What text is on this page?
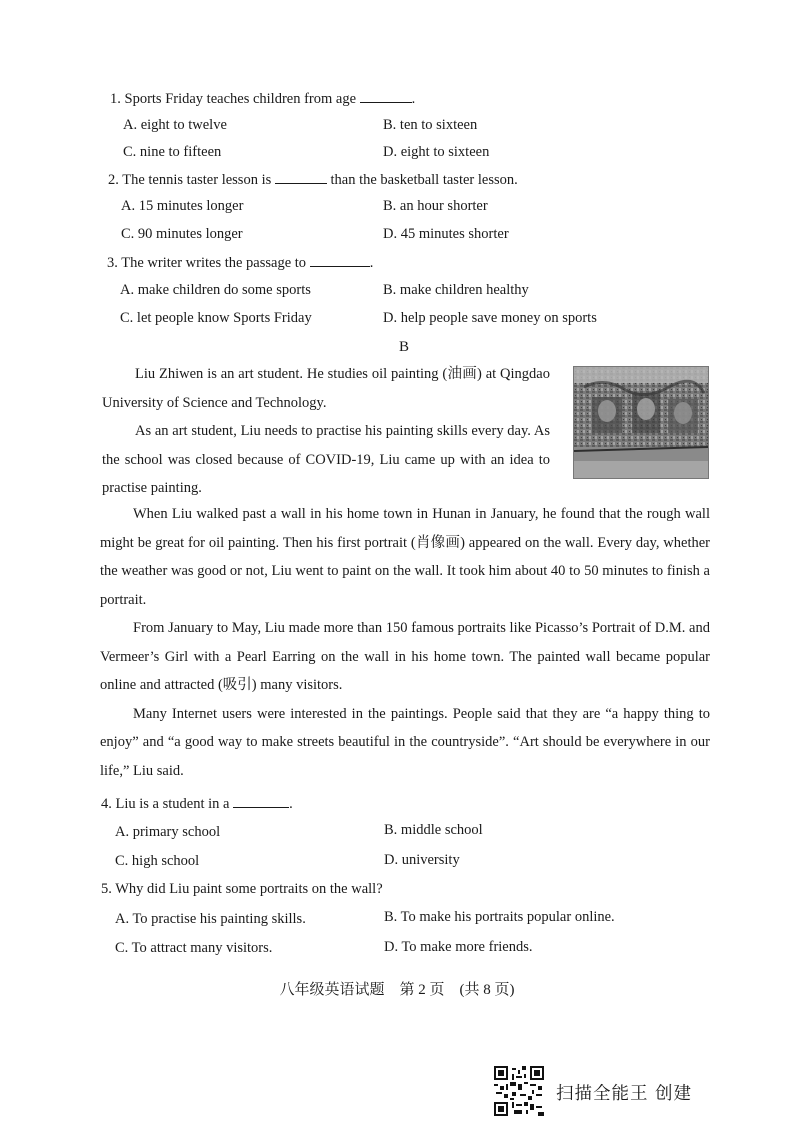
1. Sports Friday teaches children from age	.
A. eight to twelve	B. ten to sixteen
C. nine to fifteen	D. eight to sixteen
2. The tennis taster lesson is	than the basketball taster lesson.
A. 15 minutes longer	B. an hour shorter
C. 90 minutes longer	D. 45 minutes shorter
3. The writer writes the passage to	.
A. make children do some sports	B. make children healthy
C. let people know Sports Friday	D. help people save money on sports
B

Liu Zhiwen is an art student. He studies oil painting (油画) at Qingdao University of Science and Technology.

As an art student, Liu needs to practise his painting skills every day. As the school was closed because of COVID-19, Liu came up with an idea to practise painting.

When Liu walked past a wall in his home town in Hunan in January, he found that the rough wall might be great for oil painting. Then his first portrait (肖像画) appeared on the wall. Every day, whether the weather was good or not, Liu went to paint on the wall. It took him about 40 to 50 minutes to finish a portrait.

From January to May, Liu made more than 150 famous portraits like Picasso’s Portrait of D.M. and Vermeer’s Girl with a Pearl Earring on the wall in his home town. The painted wall became popular online and attracted (吸引) many visitors.

Many Internet users were interested in the paintings. People said that they are “a happy thing to enjoy” and “a good way to make streets beautiful in the countryside”. “Art should be everywhere in our life,” Liu said.

4. Liu is a student in a	.
A. primary school	B. middle school
C. high school	D. university
5. Why did Liu paint some portraits on the wall?
A. To practise his painting skills.	B. To make his portraits popular online.
C. To attract many visitors.	D. To make more friends.
八年级英语试题　第 2 页　(共 8 页)
扫描全能王 创建
